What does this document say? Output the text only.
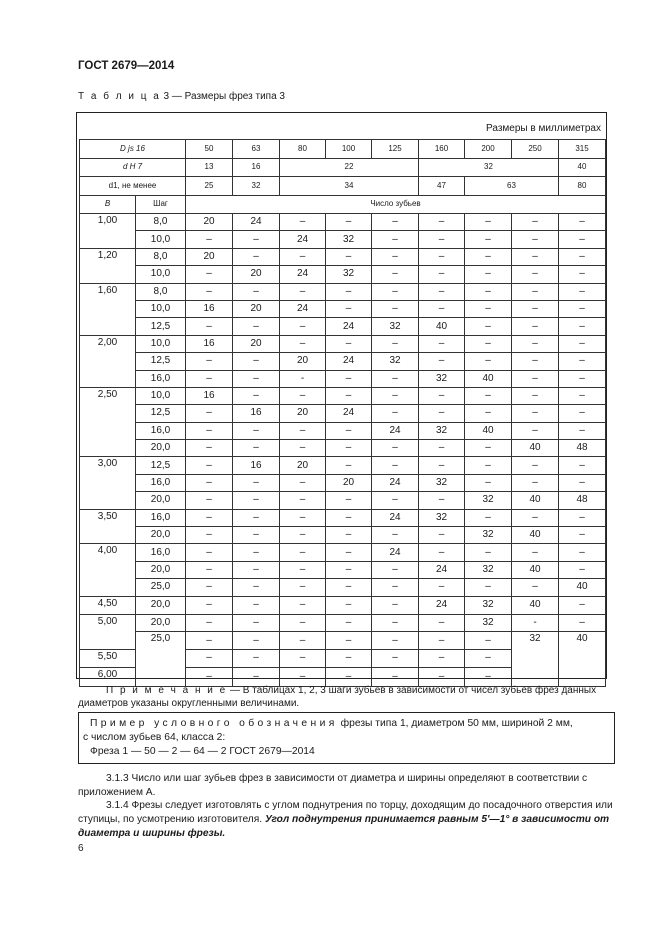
ГОСТ 2679—2014
Т а б л и ц а 3 — Размеры фрез типа 3
Размеры в миллиметрах
D js 16		50	63	80	100	125	160	200	250	315
d H 7		13	16	22			32			40
d1, не менее		25	32	34			47	63		80
B	Шаг	Число зубьев								
1,00	8,0	20	24	–	–	–	–	–	–	–
	10,0	–	–	24	32	–	–	–	–	–
1,20	8,0	20	–	–	–	–	–	–	–	–
	10,0	–	20	24	32	–	–	–	–	–
1,60	8,0	–	–	–	–	–	–	–	–	–
	10,0	16	20	24	–	–	–	–	–	–
	12,5	–	–	–	24	32	40	–	–	–
2,00	10,0	16	20	–	–	–	–	–	–	–
	12,5	–	–	20	24	32	–	–	–	–
	16,0	–	–	-	–	–	32	40	–	–
2,50	10,0	16	–	–	–	–	–	–	–	–
	12,5	–	16	20	24	–	–	–	–	–
	16,0	–	–	–	–	24	32	40	–	–
	20,0	–	–	–	–	–	–	–	40	48
3,00	12,5	–	16	20	–	–	–	–	–	–
	16,0	–	–	–	20	24	32	–	–	–
	20,0	–	–	–	–	–	–	32	40	48
3,50	16,0	–	–	–	–	24	32	–	–	–
	20,0	–	–	–	–	–	–	32	40	–
4,00	16,0	–	–	–	–	24	–	–	–	–
	20,0	–	–	–	–	–	24	32	40	–
	25,0	–	–	–	–	–	–	–	–	40
4,50	20,0	–	–	–	–	–	24	32	40	–
5,00	20,0	–	–	–	–	–	–	32	-	–
	25,0	–	–	–	–	–	–	–	32	40
5,50		–	–	–	–	–	–	–		
6,00		–	–	–	–	–	–	–		
П р и м е ч а н и е — В таблицах 1, 2, 3 шаги зубьев в зависимости от чисел зубьев фрез данных диаметров указаны округленными величинами.
Пример условного обозначения фрезы типа 1, диаметром 50 мм, шириной 2 мм,
с числом зубьев 64, класса 2:
Фреза 1 — 50 — 2 — 64 — 2 ГОСТ 2679—2014
3.1.3 Число или шаг зубьев фрез в зависимости от диаметра и ширины определяют в соответствии с приложением А.
3.1.4 Фрезы следует изготовлять с углом поднутрения по торцу, доходящим до посадочного отверстия или ступицы, по усмотрению изготовителя. Угол поднутрения принимается равным 5'—1° в зависимости от диаметра и ширины фрезы.
6
